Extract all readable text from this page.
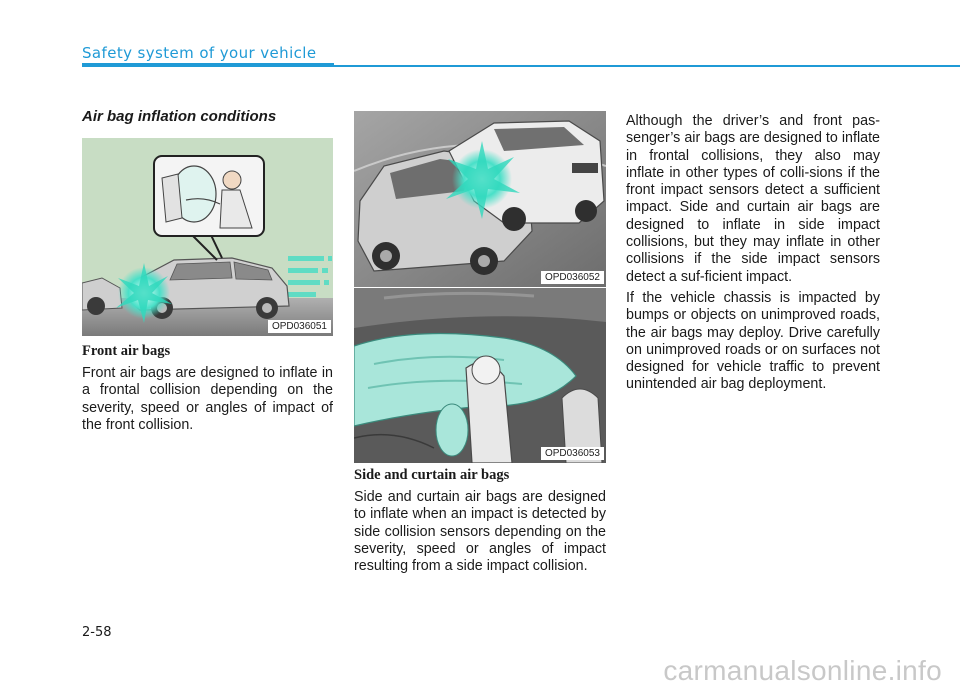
Safety system of your vehicle
Air bag inflation conditions
OPD036051
Front air bags

Front air bags are designed to inflate in a frontal collision depending on the severity, speed or angles of impact of the front collision.

OPD036052
OPD036053
Side and curtain air bags

Side and curtain air bags are designed to inflate when an impact is detected by side collision sensors depending on the severity, speed or angles of impact resulting from a side impact collision.

Although the driver’s and front pas-senger’s air bags are designed to inflate in frontal collisions, they also may inflate in other types of colli-sions if the front impact sensors detect a sufficient impact. Side and curtain air bags are designed to inflate in side impact collisions, but they may inflate in other collisions if the side impact sensors detect a suf-ficient impact.

If the vehicle chassis is impacted by bumps or objects on unimproved roads, the air bags may deploy. Drive carefully on unimproved roads or on surfaces not designed for vehicle traffic to prevent unintended air bag deployment.

2-58
carmanualsonline.info
